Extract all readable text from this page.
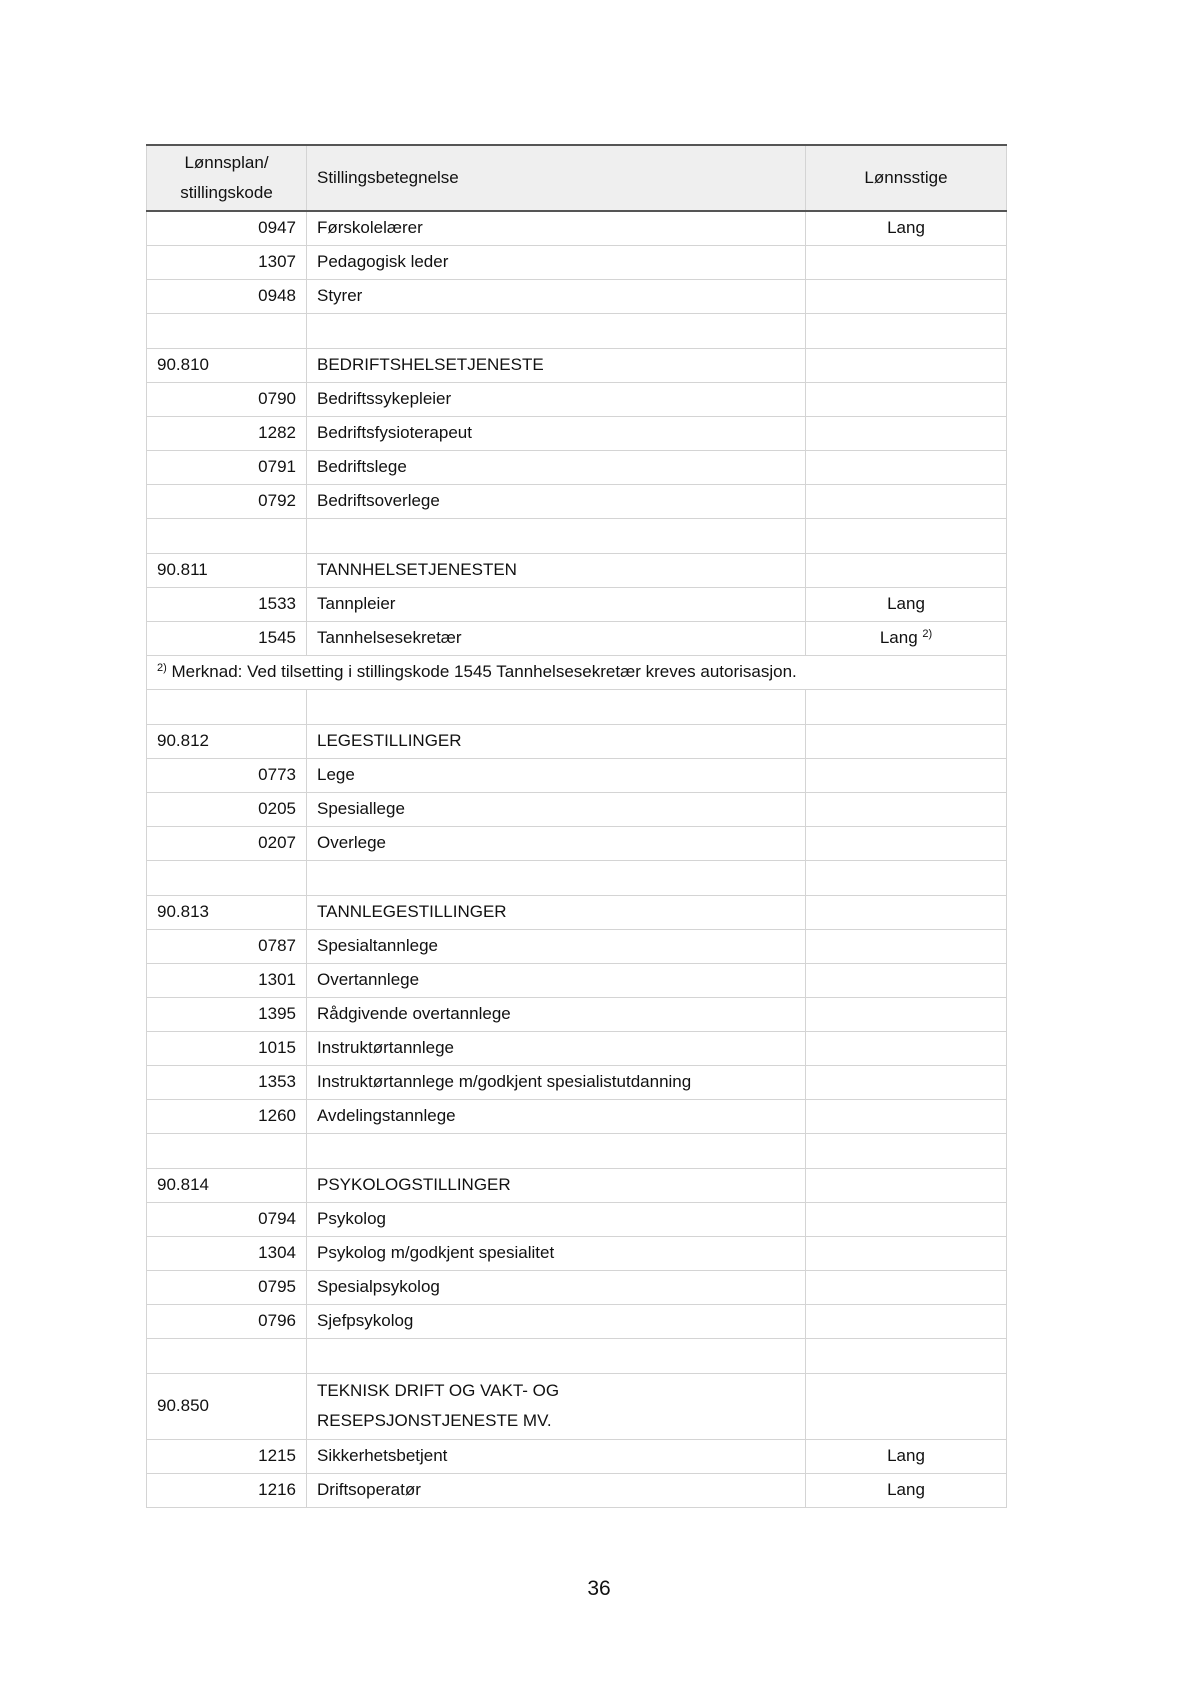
Lønnsplan/
stillingskode	Stillingsbetegnelse	Lønnsstige
0947	Førskolelærer	Lang
1307	Pedagogisk leder	
0948	Styrer	

90.810	BEDRIFTSHELSETJENESTE	
0790	Bedriftssykepleier	
1282	Bedriftsfysioterapeut	
0791	Bedriftslege	
0792	Bedriftsoverlege	

90.811	TANNHELSETJENESTEN	
1533	Tannpleier	Lang
1545	Tannhelsesekretær	Lang $^{2)}$
$^{2)}$ Merknad: Ved tilsetting i stillingskode 1545 Tannhelsesekretær kreves autorisasjon.		

90.812	LEGESTILLINGER	
0773	Lege	
0205	Spesiallege	
0207	Overlege	

90.813	TANNLEGESTILLINGER	
0787	Spesialtannlege	
1301	Overtannlege	
1395	Rådgivende overtannlege	
1015	Instruktørtannlege	
1353	Instruktørtannlege m/godkjent spesialistutdanning	
1260	Avdelingstannlege	

90.814	PSYKOLOGSTILLINGER	
0794	Psykolog	
1304	Psykolog m/godkjent spesialitet	
0795	Spesialpsykolog	
0796	Sjefpsykolog	

90.850	TEKNISK DRIFT OG VAKT- OG
RESEPSJONSTJENESTE MV.	
1215	Sikkerhetsbetjent	Lang
1216	Driftsoperatør	Lang
36
